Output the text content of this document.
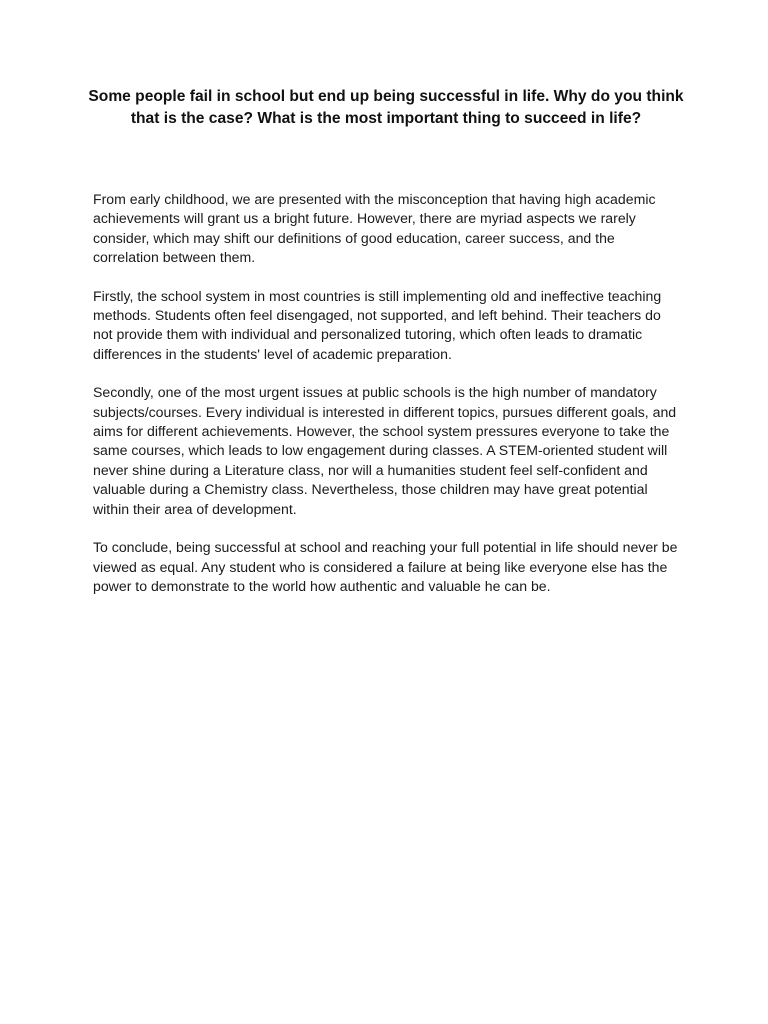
Some people fail in school but end up being successful in life. Why do you think that is the case? What is the most important thing to succeed in life?

From early childhood, we are presented with the misconception that having high academic achievements will grant us a bright future. However, there are myriad aspects we rarely consider, which may shift our definitions of good education, career success, and the correlation between them.

Firstly, the school system in most countries is still implementing old and ineffective teaching methods. Students often feel disengaged, not supported, and left behind. Their teachers do not provide them with individual and personalized tutoring, which often leads to dramatic differences in the students' level of academic preparation.

Secondly, one of the most urgent issues at public schools is the high number of mandatory subjects/courses. Every individual is interested in different topics, pursues different goals, and aims for different achievements. However, the school system pressures everyone to take the same courses, which leads to low engagement during classes. A STEM-oriented student will never shine during a Literature class, nor will a humanities student feel self-confident and valuable during a Chemistry class. Nevertheless, those children may have great potential within their area of development.

To conclude, being successful at school and reaching your full potential in life should never be viewed as equal. Any student who is considered a failure at being like everyone else has the power to demonstrate to the world how authentic and valuable he can be.
